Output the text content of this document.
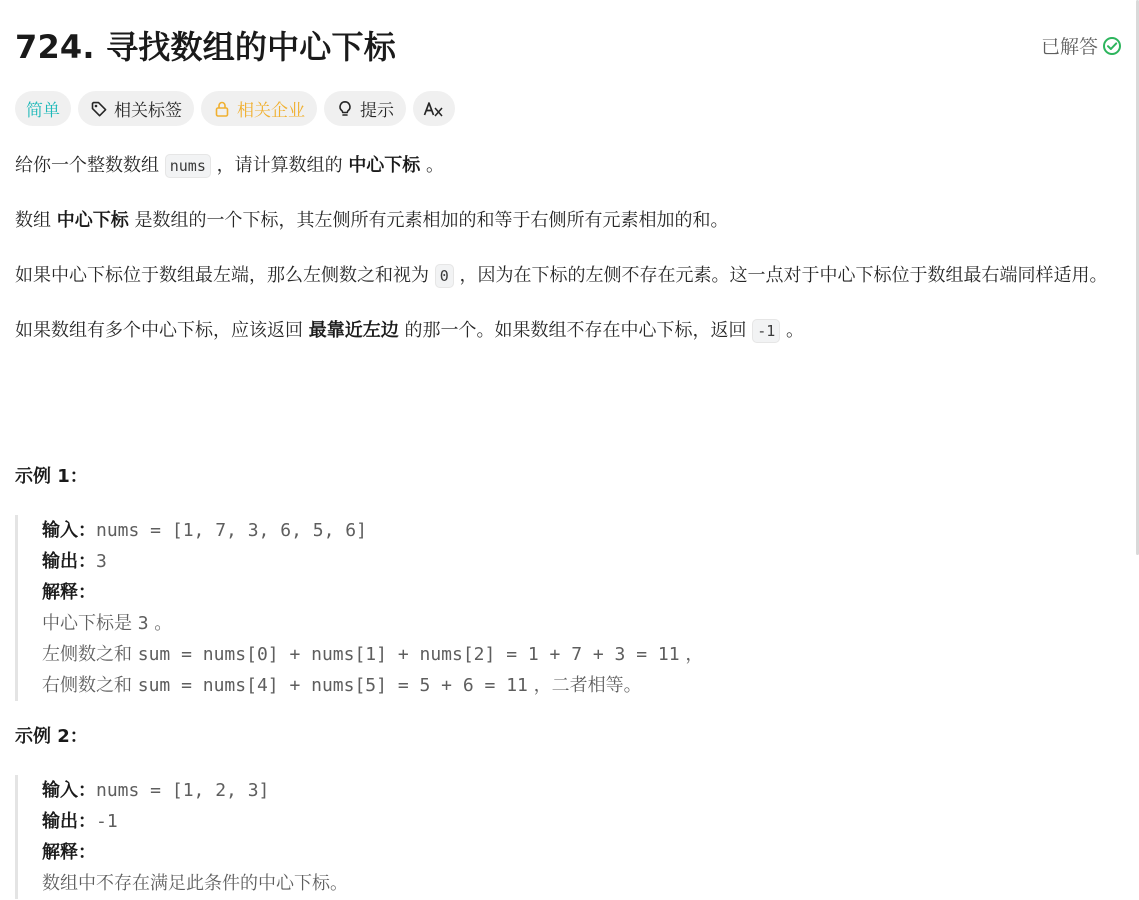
724. 寻找数组的中心下标	已解答
简单	相关标签	相关企业	提示

给你一个整数数组 nums ，请计算数组的 中心下标 。

数组 中心下标 是数组的一个下标，其左侧所有元素相加的和等于右侧所有元素相加的和。

如果中心下标位于数组最左端，那么左侧数之和视为 0 ，因为在下标的左侧不存在元素。这一点对于中心下标位于数组最右端同样适用。

如果数组有多个中心下标，应该返回 最靠近左边 的那一个。如果数组不存在中心下标，返回 -1 。

示例 1：
输入：nums = [1, 7, 3, 6, 5, 6]
输出：3
解释：
中心下标是 3 。
左侧数之和 sum = nums[0] + nums[1] + nums[2] = 1 + 7 + 3 = 11 ，
右侧数之和 sum = nums[4] + nums[5] = 5 + 6 = 11 ，二者相等。
示例 2：
输入：nums = [1, 2, 3]
输出：-1
解释：
数组中不存在满足此条件的中心下标。
